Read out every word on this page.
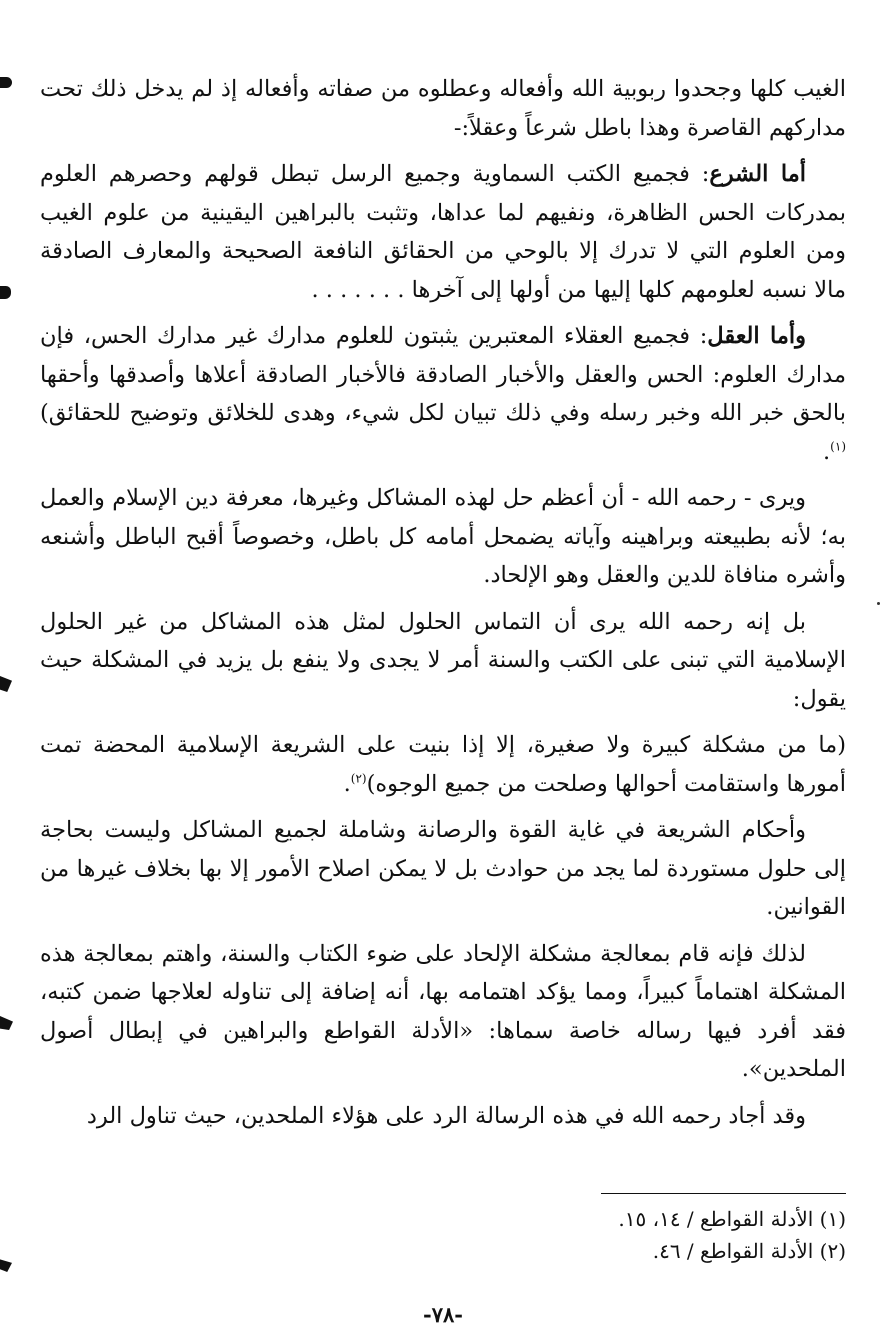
الغيب كلها وجحدوا ربوبية الله وأفعاله وعطلوه من صفاته وأفعاله إذ لم يدخل ذلك تحت مداركهم القاصرة وهذا باطل شرعاً وعقلاً:-

أما الشرع: فجميع الكتب السماوية وجميع الرسل تبطل قولهم وحصرهم العلوم بمدركات الحس الظاهرة، ونفيهم لما عداها، وتثبت بالبراهين اليقينية من علوم الغيب ومن العلوم التي لا تدرك إلا بالوحي من الحقائق النافعة الصحيحة والمعارف الصادقة مالا نسبه لعلومهم كلها إليها من أولها إلى آخرها . . . . . . .

وأما العقل: فجميع العقلاء المعتبرين يثبتون للعلوم مدارك غير مدارك الحس، فإن مدارك العلوم: الحس والعقل والأخبار الصادقة فالأخبار الصادقة أعلاها وأصدقها وأحقها بالحق خبر الله وخبر رسله وفي ذلك تبيان لكل شيء، وهدى للخلائق وتوضيح للحقائق)$^{(١)}$.

ويرى - رحمه الله - أن أعظم حل لهذه المشاكل وغيرها، معرفة دين الإسلام والعمل به؛ لأنه بطبيعته وبراهينه وآياته يضمحل أمامه كل باطل، وخصوصاً أقبح الباطل وأشنعه وأشره منافاة للدين والعقل وهو الإلحاد.

بل إنه رحمه الله يرى أن التماس الحلول لمثل هذه المشاكل من غير الحلول الإسلامية التي تبنى على الكتب والسنة أمر لا يجدى ولا ينفع بل يزيد في المشكلة حيث يقول:

(ما من مشكلة كبيرة ولا صغيرة، إلا إذا بنيت على الشريعة الإسلامية المحضة تمت أمورها واستقامت أحوالها وصلحت من جميع الوجوه)$^{(٢)}$.

وأحكام الشريعة في غاية القوة والرصانة وشاملة لجميع المشاكل وليست بحاجة إلى حلول مستوردة لما يجد من حوادث بل لا يمكن اصلاح الأمور إلا بها بخلاف غيرها من القوانين.

لذلك فإنه قام بمعالجة مشكلة الإلحاد على ضوء الكتاب والسنة، واهتم بمعالجة هذه المشكلة اهتماماً كبيراً، ومما يؤكد اهتمامه بها، أنه إضافة إلى تناوله لعلاجها ضمن كتبه، فقد أفرد فيها رساله خاصة سماها: «الأدلة القواطع والبراهين في إبطال أصول الملحدين».

وقد أجاد رحمه الله في هذه الرسالة الرد على هؤلاء الملحدين، حيث تناول الرد

(١) الأدلة القواطع / ١٤، ١٥.
(٢) الأدلة القواطع / ٤٦.
-٧٨-
